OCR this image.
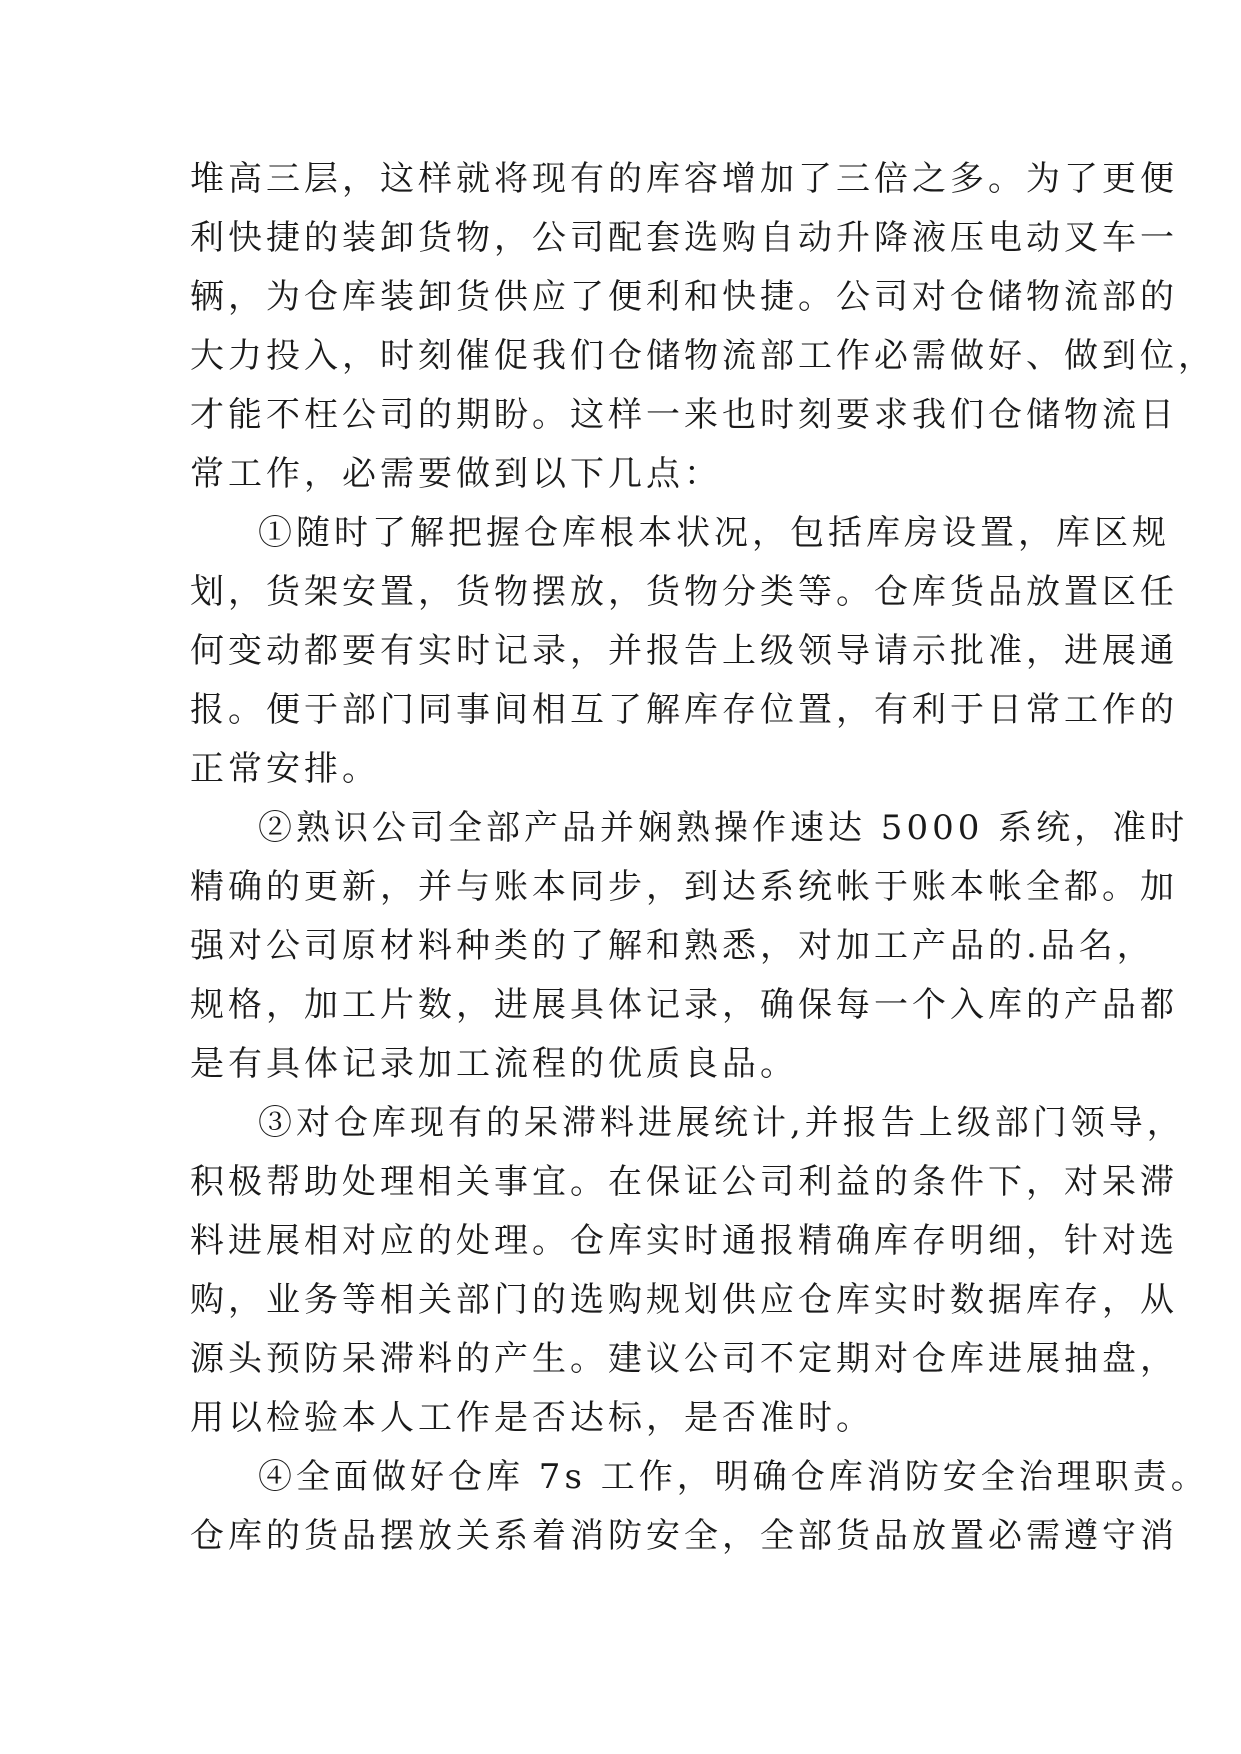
堆高三层，这样就将现有的库容增加了三倍之多。为了更便
利快捷的装卸货物，公司配套选购自动升降液压电动叉车一
辆，为仓库装卸货供应了便利和快捷。公司对仓储物流部的
大力投入，时刻催促我们仓储物流部工作必需做好、做到位，
才能不枉公司的期盼。这样一来也时刻要求我们仓储物流日
常工作，必需要做到以下几点：
①随时了解把握仓库根本状况，包括库房设置，库区规
划，货架安置，货物摆放，货物分类等。仓库货品放置区任
何变动都要有实时记录，并报告上级领导请示批准，进展通
报。便于部门同事间相互了解库存位置，有利于日常工作的
正常安排。
②熟识公司全部产品并娴熟操作速达 5000 系统，准时
精确的更新，并与账本同步，到达系统帐于账本帐全都。加
强对公司原材料种类的了解和熟悉，对加工产品的.品名，
规格，加工片数，进展具体记录，确保每一个入库的产品都
是有具体记录加工流程的优质良品。
③对仓库现有的呆滞料进展统计,并报告上级部门领导，
积极帮助处理相关事宜。在保证公司利益的条件下，对呆滞
料进展相对应的处理。仓库实时通报精确库存明细，针对选
购，业务等相关部门的选购规划供应仓库实时数据库存，从
源头预防呆滞料的产生。建议公司不定期对仓库进展抽盘，
用以检验本人工作是否达标，是否准时。
④全面做好仓库 7s 工作，明确仓库消防安全治理职责。
仓库的货品摆放关系着消防安全，全部货品放置必需遵守消
